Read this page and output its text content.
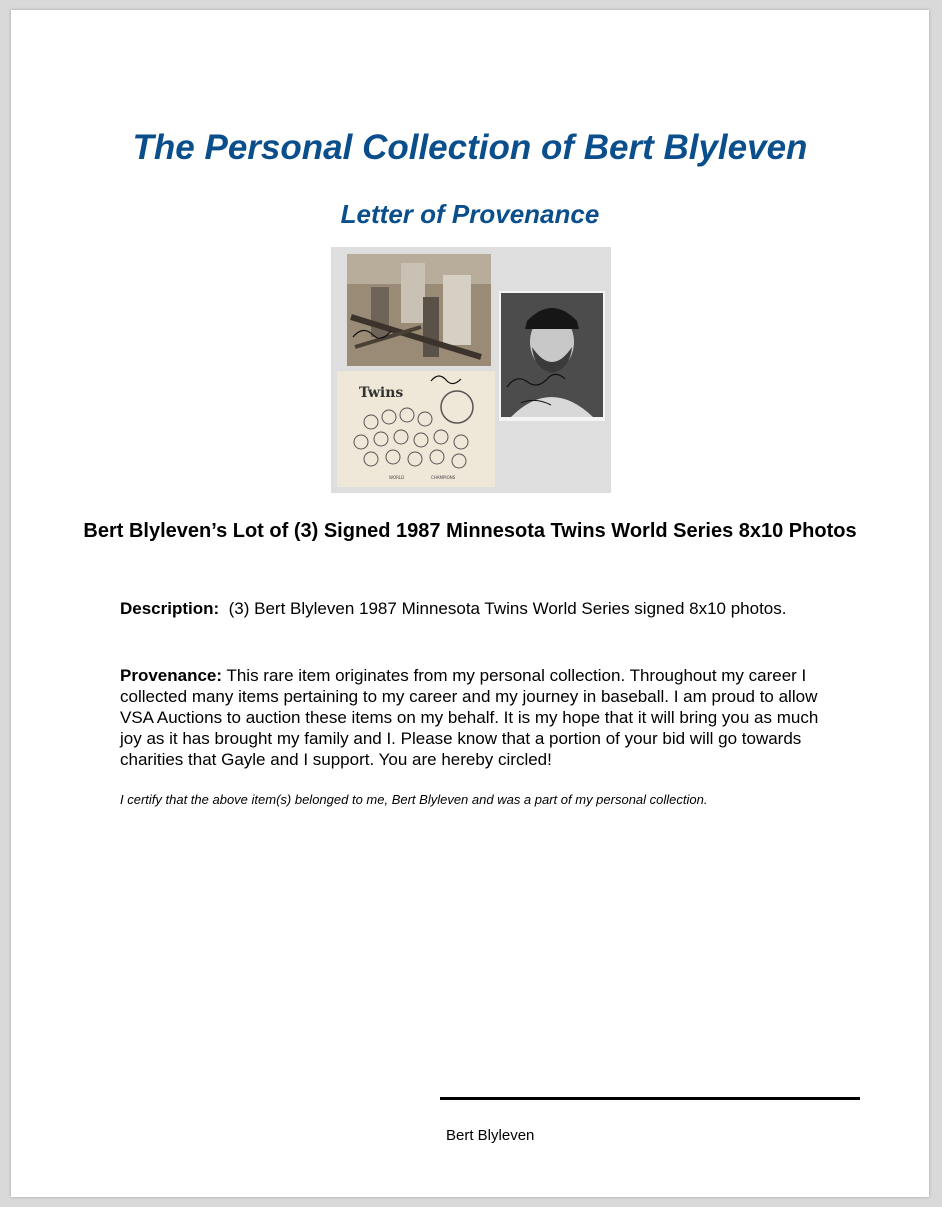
The Personal Collection of Bert Blyleven
Letter of Provenance
Twins
WORLD	CHAMPIONS
Bert Blyleven’s Lot of (3) Signed 1987 Minnesota Twins World Series 8x10 Photos

Description: (3) Bert Blyleven 1987 Minnesota Twins World Series signed 8x10 photos.

Provenance: This rare item originates from my personal collection. Throughout my career I collected many items pertaining to my career and my journey in baseball. I am proud to allow VSA Auctions to auction these items on my behalf. It is my hope that it will bring you as much joy as it has brought my family and I. Please know that a portion of your bid will go towards charities that Gayle and I support. You are hereby circled!

I certify that the above item(s) belonged to me, Bert Blyleven and was a part of my personal collection.

Bert Blyleven
